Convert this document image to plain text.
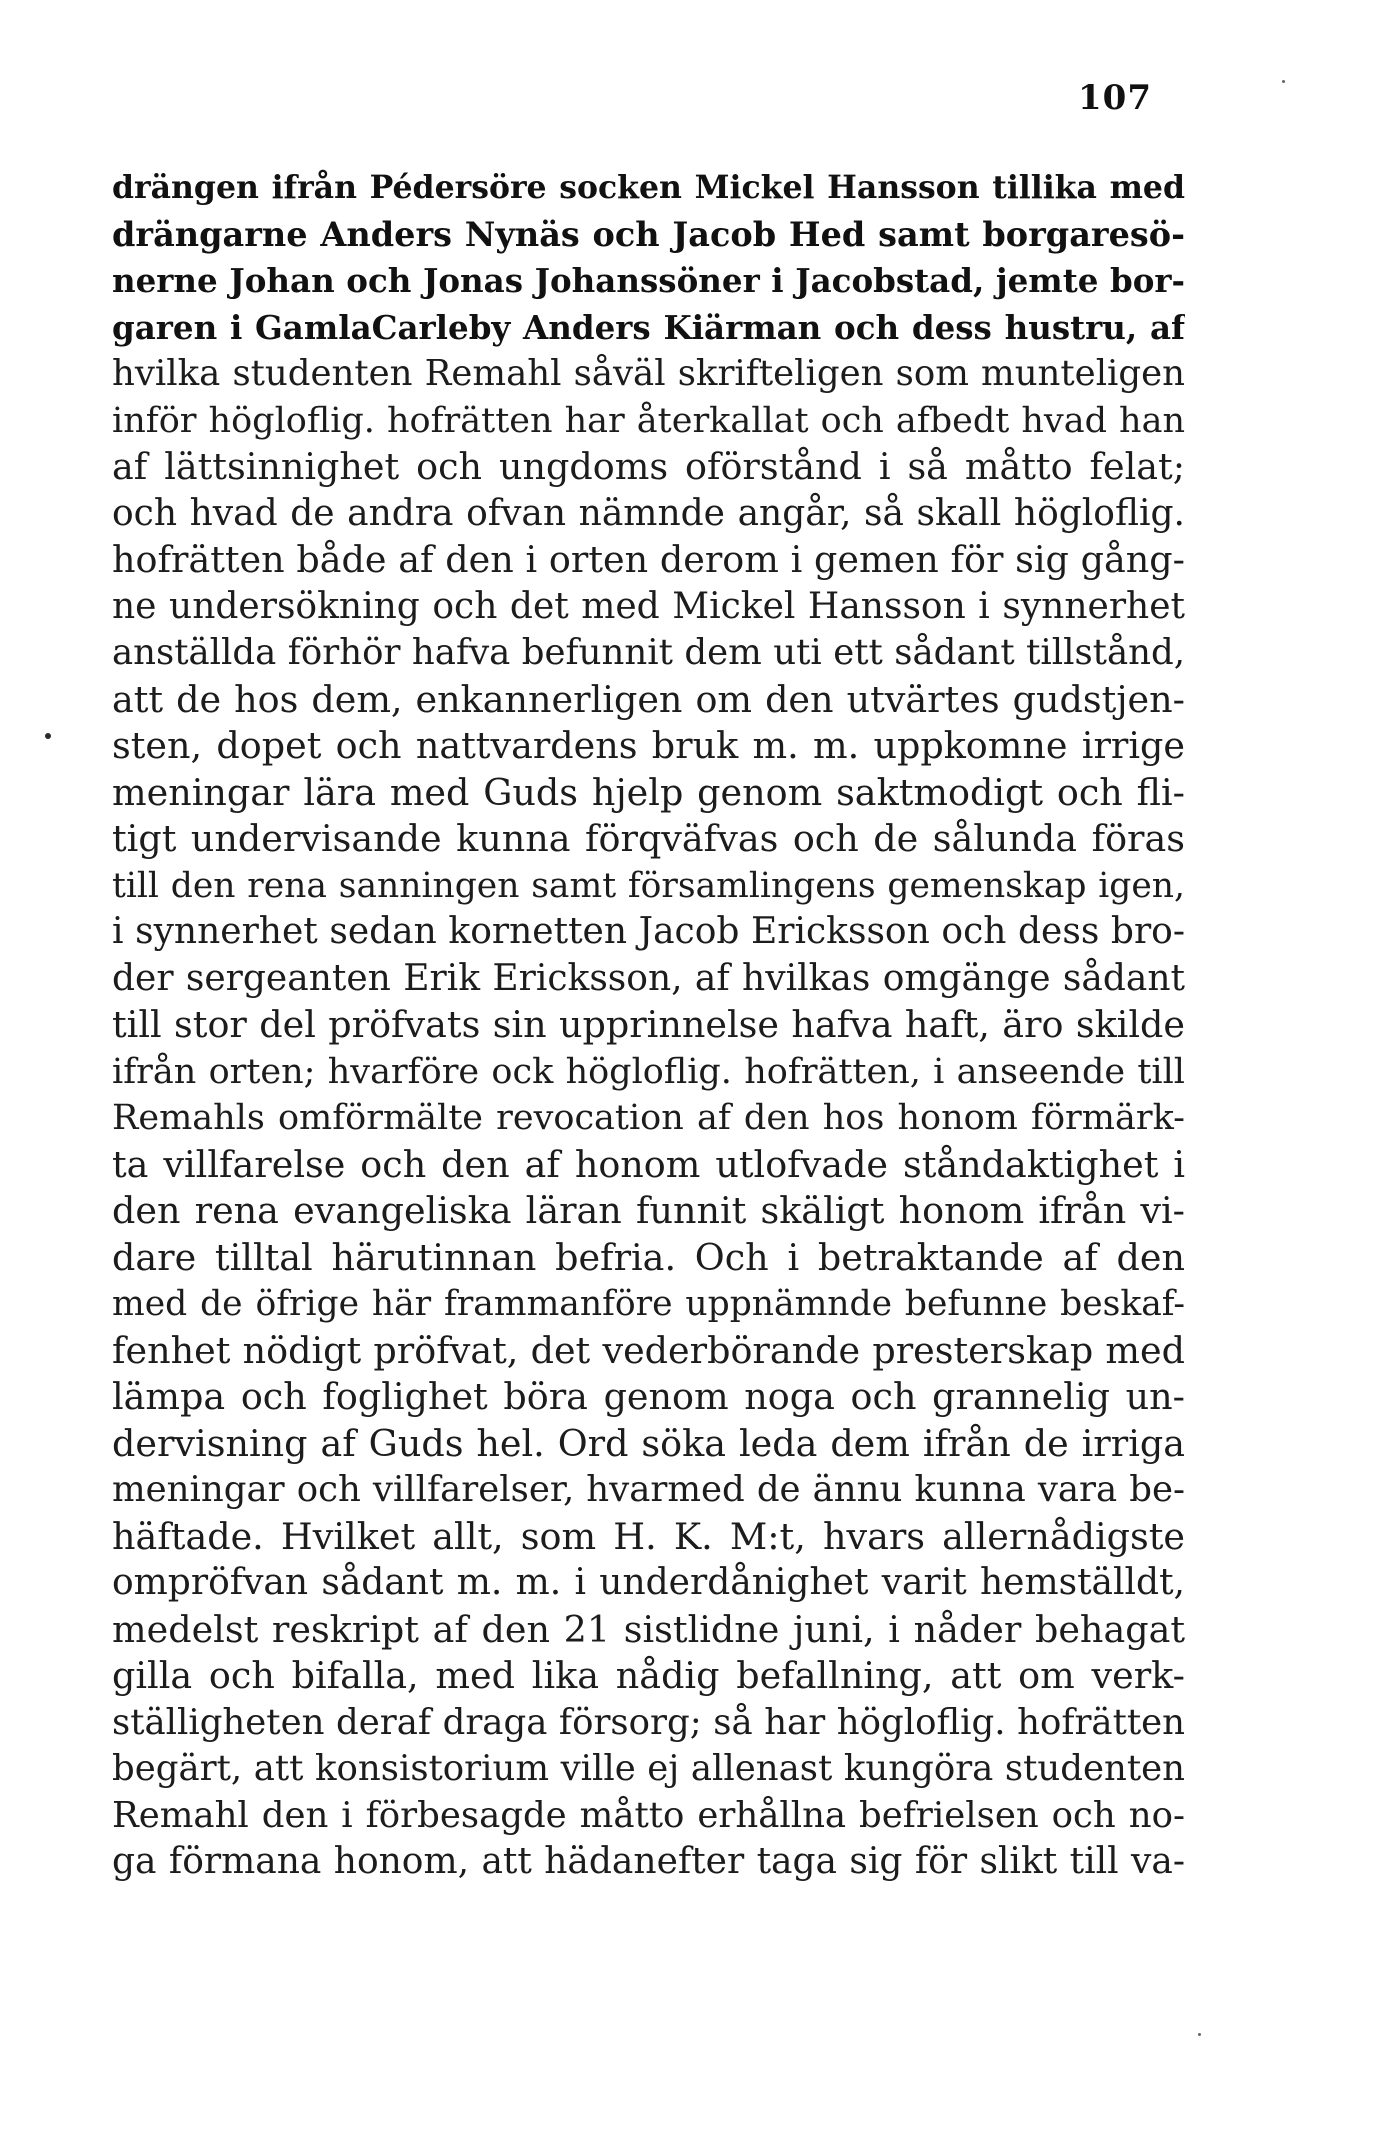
107
drängen ifrån Pédersöre socken Mickel Hansson tillika med
drängarne Anders Nynäs och Jacob Hed samt borgaresö-
nerne Johan och Jonas Johanssöner i Jacobstad, jemte bor-
garen i GamlaCarleby Anders Kiärman och dess hustru, af
hvilka studenten Remahl såväl skrifteligen som munteligen
inför högloflig. hofrätten har återkallat och afbedt hvad han
af lättsinnighet och ungdoms oförstånd i så måtto felat;
och hvad de andra ofvan nämnde angår, så skall högloflig.
hofrätten både af den i orten derom i gemen för sig gång-
ne undersökning och det med Mickel Hansson i synnerhet
anställda förhör hafva befunnit dem uti ett sådant tillstånd,
att de hos dem, enkannerligen om den utvärtes gudstjen-
sten, dopet och nattvardens bruk m. m. uppkomne irrige
meningar lära med Guds hjelp genom saktmodigt och fli-
tigt undervisande kunna förqväfvas och de sålunda föras
till den rena sanningen samt församlingens gemenskap igen,
i synnerhet sedan kornetten Jacob Ericksson och dess bro-
der sergeanten Erik Ericksson, af hvilkas omgänge sådant
till stor del pröfvats sin upprinnelse hafva haft, äro skilde
ifrån orten; hvarföre ock högloflig. hofrätten, i anseende till
Remahls omförmälte revocation af den hos honom förmärk-
ta villfarelse och den af honom utlofvade ståndaktighet i
den rena evangeliska läran funnit skäligt honom ifrån vi-
dare tilltal härutinnan befria. Och i betraktande af den
med de öfrige här frammanföre uppnämnde befunne beskaf-
fenhet nödigt pröfvat, det vederbörande presterskap med
lämpa och foglighet böra genom noga och grannelig un-
dervisning af Guds hel. Ord söka leda dem ifrån de irriga
meningar och villfarelser, hvarmed de ännu kunna vara be-
häftade. Hvilket allt, som H. K. M:t, hvars allernådigste
ompröfvan sådant m. m. i underdånighet varit hemställdt,
medelst reskript af den 21 sistlidne juni, i nåder behagat
gilla och bifalla, med lika nådig befallning, att om verk-
ställigheten deraf draga försorg; så har högloflig. hofrätten
begärt, att konsistorium ville ej allenast kungöra studenten
Remahl den i förbesagde måtto erhållna befrielsen och no-
ga förmana honom, att hädanefter taga sig för slikt till va-
